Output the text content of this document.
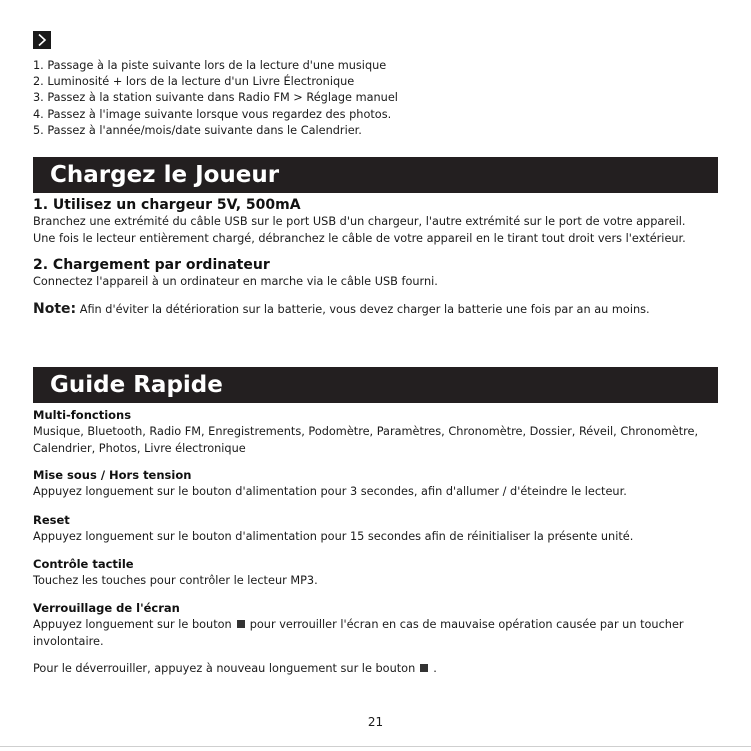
1. Passage à la piste suivante lors de la lecture d'une musique
2. Luminosité + lors de la lecture d'un Livre Électronique
3. Passez à la station suivante dans Radio FM > Réglage manuel
4. Passez à l'image suivante lorsque vous regardez des photos.
5. Passez à l'année/mois/date suivante dans le Calendrier.
Chargez le Joueur
1. Utilisez un chargeur 5V, 500mA
Branchez une extrémité du câble USB sur le port USB d'un chargeur, l'autre extrémité sur le port de votre appareil.
Une fois le lecteur entièrement chargé, débranchez le câble de votre appareil en le tirant tout droit vers l'extérieur.
2. Chargement par ordinateur
Connectez l'appareil à un ordinateur en marche via le câble USB fourni.
Note: Afin d'éviter la détérioration sur la batterie, vous devez charger la batterie une fois par an au moins.
Guide Rapide
Multi-fonctions
Musique, Bluetooth, Radio FM, Enregistrements, Podomètre, Paramètres, Chronomètre, Dossier, Réveil, Chronomètre,
Calendrier, Photos, Livre électronique
Mise sous / Hors tension
Appuyez longuement sur le bouton d'alimentation pour 3 secondes, afin d'allumer / d'éteindre le lecteur.
Reset
Appuyez longuement sur le bouton d'alimentation pour 15 secondes afin de réinitialiser la présente unité.
Contrôle tactile
Touchez les touches pour contrôler le lecteur MP3.
Verrouillage de l'écran
Appuyez longuement sur le bouton pour verrouiller l'écran en cas de mauvaise opération causée par un toucher
involontaire.
Pour le déverrouiller, appuyez à nouveau longuement sur le bouton .
21
